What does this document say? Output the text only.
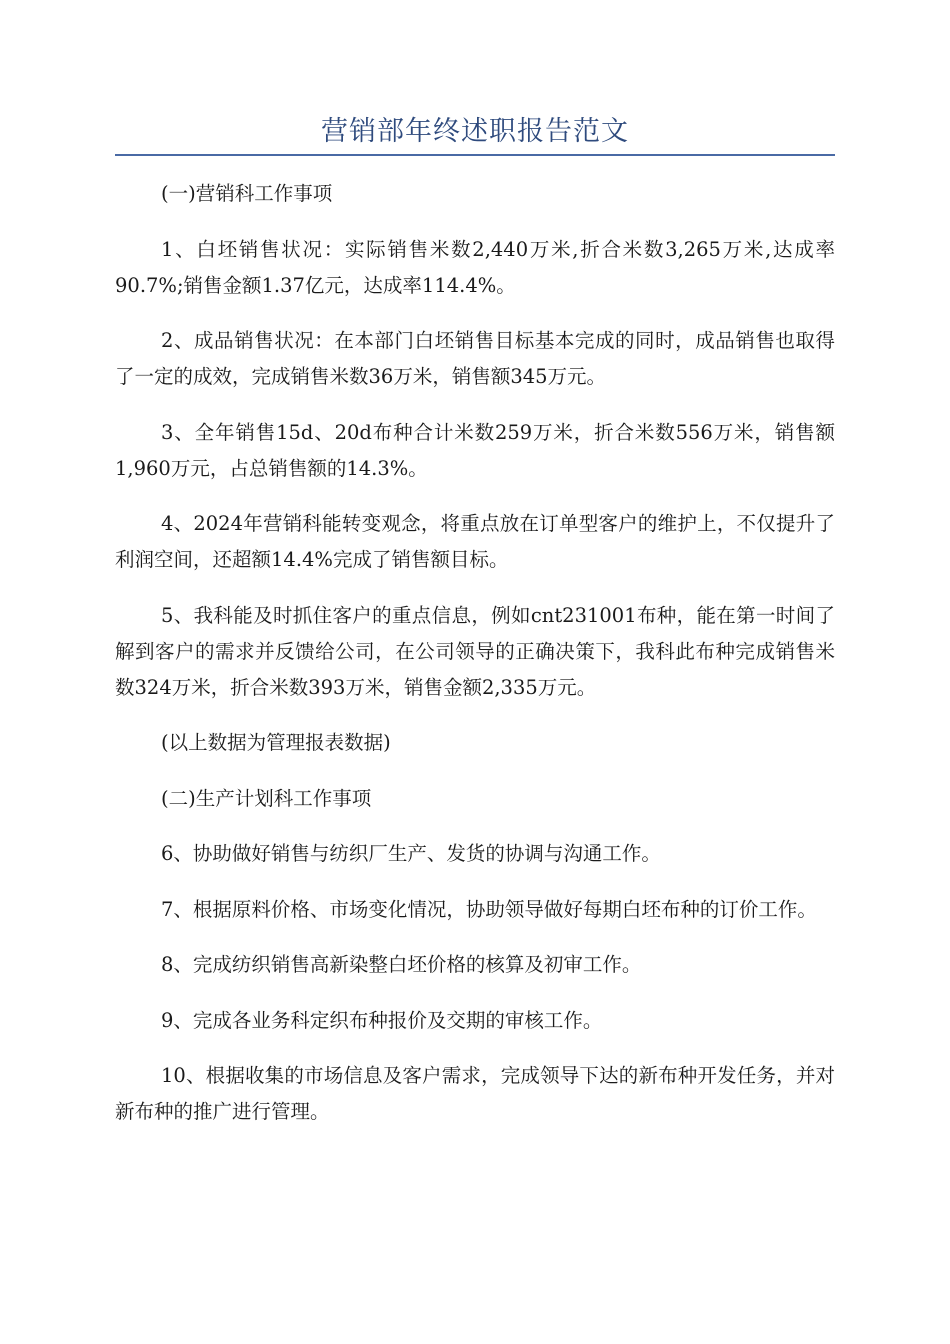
营销部年终述职报告范文

(一)营销科工作事项

1、白坯销售状况：实际销售米数2,440万米,折合米数3,265万米,达成率90.7%;销售金额1.37亿元，达成率114.4%。

2、成品销售状况：在本部门白坯销售目标基本完成的同时，成品销售也取得了一定的成效，完成销售米数36万米，销售额345万元。

3、全年销售15d、20d布种合计米数259万米，折合米数556万米，销售额1,960万元，占总销售额的14.3%。

4、2024年营销科能转变观念，将重点放在订单型客户的维护上，不仅提升了利润空间，还超额14.4%完成了销售额目标。

5、我科能及时抓住客户的重点信息，例如cnt231001布种，能在第一时间了解到客户的需求并反馈给公司，在公司领导的正确决策下，我科此布种完成销售米数324万米，折合米数393万米，销售金额2,335万元。

(以上数据为管理报表数据)

(二)生产计划科工作事项

6、协助做好销售与纺织厂生产、发货的协调与沟通工作。

7、根据原料价格、市场变化情况，协助领导做好每期白坯布种的订价工作。

8、完成纺织销售高新染整白坯价格的核算及初审工作。

9、完成各业务科定织布种报价及交期的审核工作。

10、根据收集的市场信息及客户需求，完成领导下达的新布种开发任务，并对新布种的推广进行管理。
